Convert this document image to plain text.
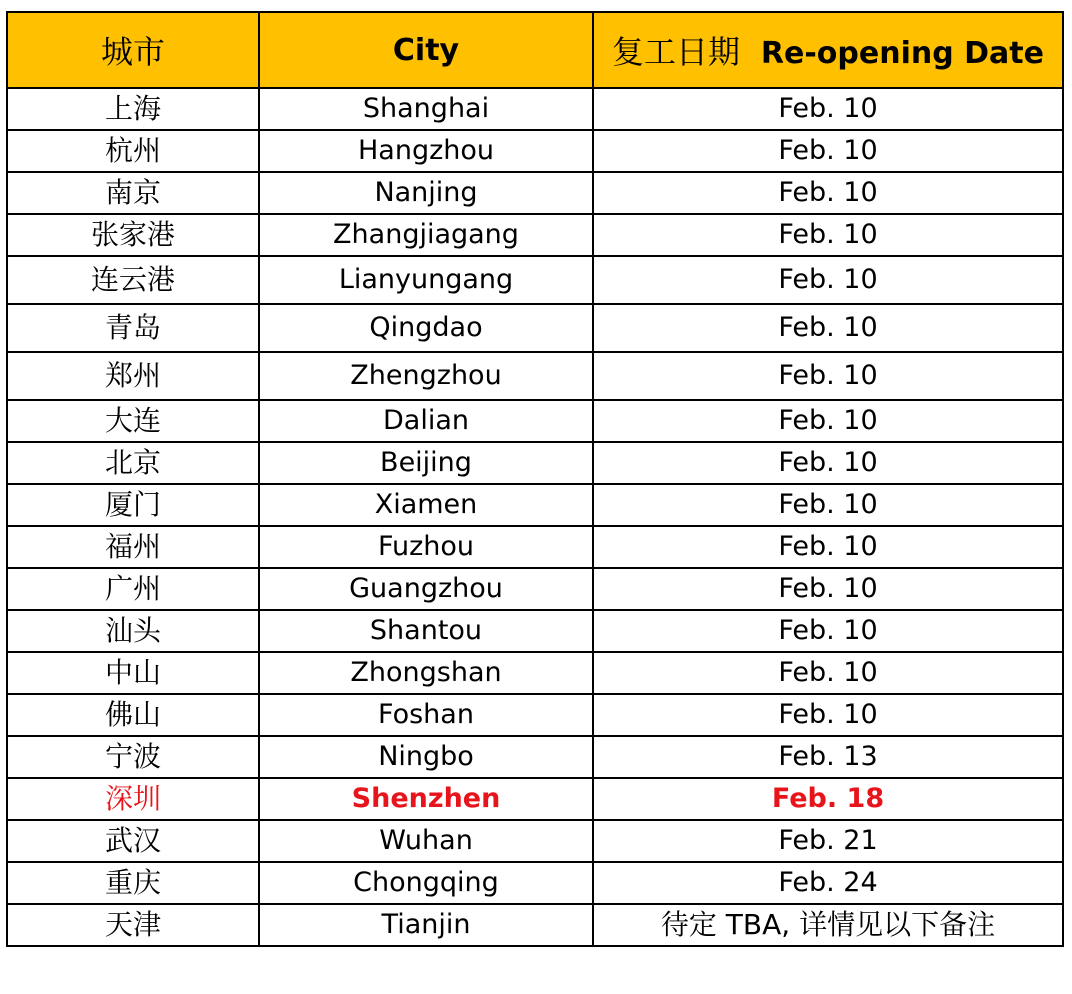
城市	City	复工日期 Re-opening Date
上海	Shanghai	Feb. 10
杭州	Hangzhou	Feb. 10
南京	Nanjing	Feb. 10
张家港	Zhangjiagang	Feb. 10
连云港	Lianyungang	Feb. 10
青岛	Qingdao	Feb. 10
郑州	Zhengzhou	Feb. 10
大连	Dalian	Feb. 10
北京	Beijing	Feb. 10
厦门	Xiamen	Feb. 10
福州	Fuzhou	Feb. 10
广州	Guangzhou	Feb. 10
汕头	Shantou	Feb. 10
中山	Zhongshan	Feb. 10
佛山	Foshan	Feb. 10
宁波	Ningbo	Feb. 13
深圳	Shenzhen	Feb. 18
武汉	Wuhan	Feb. 21
重庆	Chongqing	Feb. 24
天津	Tianjin	待定 TBA, 详情见以下备注
